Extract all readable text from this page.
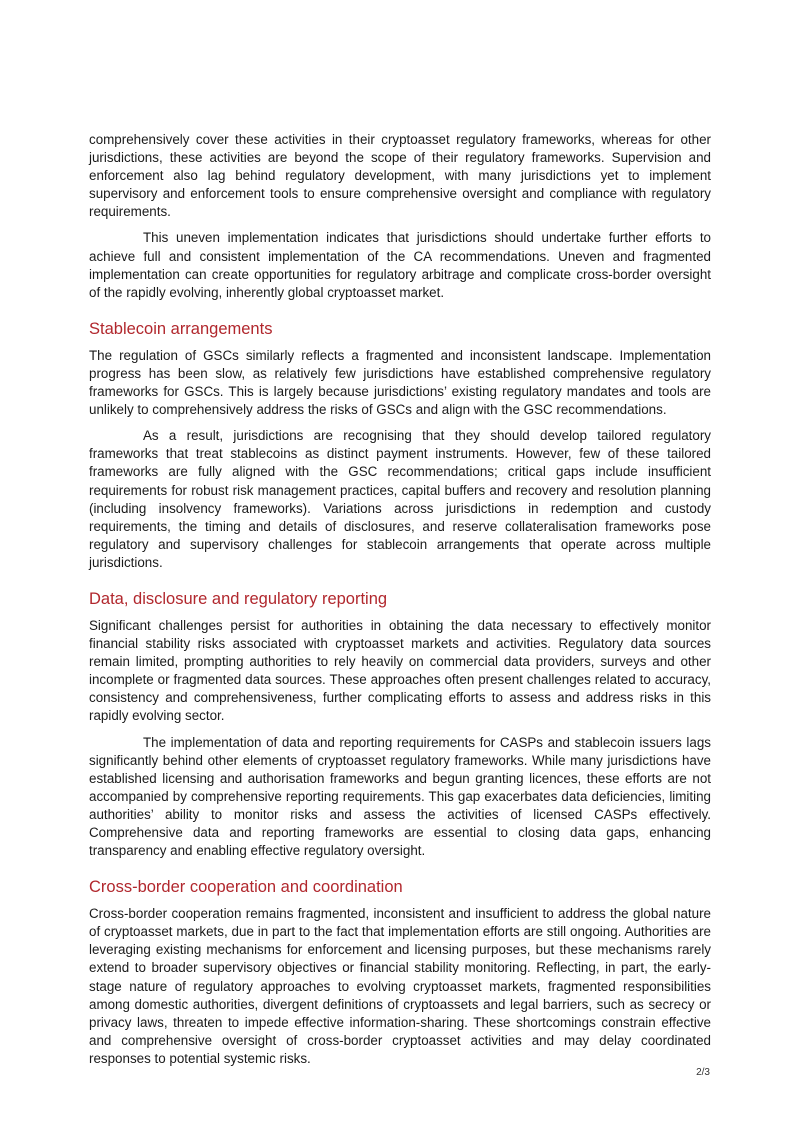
comprehensively cover these activities in their cryptoasset regulatory frameworks, whereas for other jurisdictions, these activities are beyond the scope of their regulatory frameworks. Supervision and enforcement also lag behind regulatory development, with many jurisdictions yet to implement supervisory and enforcement tools to ensure comprehensive oversight and compliance with regulatory requirements.

This uneven implementation indicates that jurisdictions should undertake further efforts to achieve full and consistent implementation of the CA recommendations. Uneven and fragmented implementation can create opportunities for regulatory arbitrage and complicate cross-border oversight of the rapidly evolving, inherently global cryptoasset market.

Stablecoin arrangements

The regulation of GSCs similarly reflects a fragmented and inconsistent landscape. Implementation progress has been slow, as relatively few jurisdictions have established comprehensive regulatory frameworks for GSCs. This is largely because jurisdictions’ existing regulatory mandates and tools are unlikely to comprehensively address the risks of GSCs and align with the GSC recommendations.

As a result, jurisdictions are recognising that they should develop tailored regulatory frameworks that treat stablecoins as distinct payment instruments. However, few of these tailored frameworks are fully aligned with the GSC recommendations; critical gaps include insufficient requirements for robust risk management practices, capital buffers and recovery and resolution planning (including insolvency frameworks). Variations across jurisdictions in redemption and custody requirements, the timing and details of disclosures, and reserve collateralisation frameworks pose regulatory and supervisory challenges for stablecoin arrangements that operate across multiple jurisdictions.

Data, disclosure and regulatory reporting

Significant challenges persist for authorities in obtaining the data necessary to effectively monitor financial stability risks associated with cryptoasset markets and activities. Regulatory data sources remain limited, prompting authorities to rely heavily on commercial data providers, surveys and other incomplete or fragmented data sources. These approaches often present challenges related to accuracy, consistency and comprehensiveness, further complicating efforts to assess and address risks in this rapidly evolving sector.

The implementation of data and reporting requirements for CASPs and stablecoin issuers lags significantly behind other elements of cryptoasset regulatory frameworks. While many jurisdictions have established licensing and authorisation frameworks and begun granting licences, these efforts are not accompanied by comprehensive reporting requirements. This gap exacerbates data deficiencies, limiting authorities’ ability to monitor risks and assess the activities of licensed CASPs effectively. Comprehensive data and reporting frameworks are essential to closing data gaps, enhancing transparency and enabling effective regulatory oversight.

Cross-border cooperation and coordination

Cross-border cooperation remains fragmented, inconsistent and insufficient to address the global nature of cryptoasset markets, due in part to the fact that implementation efforts are still ongoing. Authorities are leveraging existing mechanisms for enforcement and licensing purposes, but these mechanisms rarely extend to broader supervisory objectives or financial stability monitoring. Reflecting, in part, the early-stage nature of regulatory approaches to evolving cryptoasset markets, fragmented responsibilities among domestic authorities, divergent definitions of cryptoassets and legal barriers, such as secrecy or privacy laws, threaten to impede effective information-sharing. These shortcomings constrain effective and comprehensive oversight of cross-border cryptoasset activities and may delay coordinated responses to potential systemic risks.

2/3
